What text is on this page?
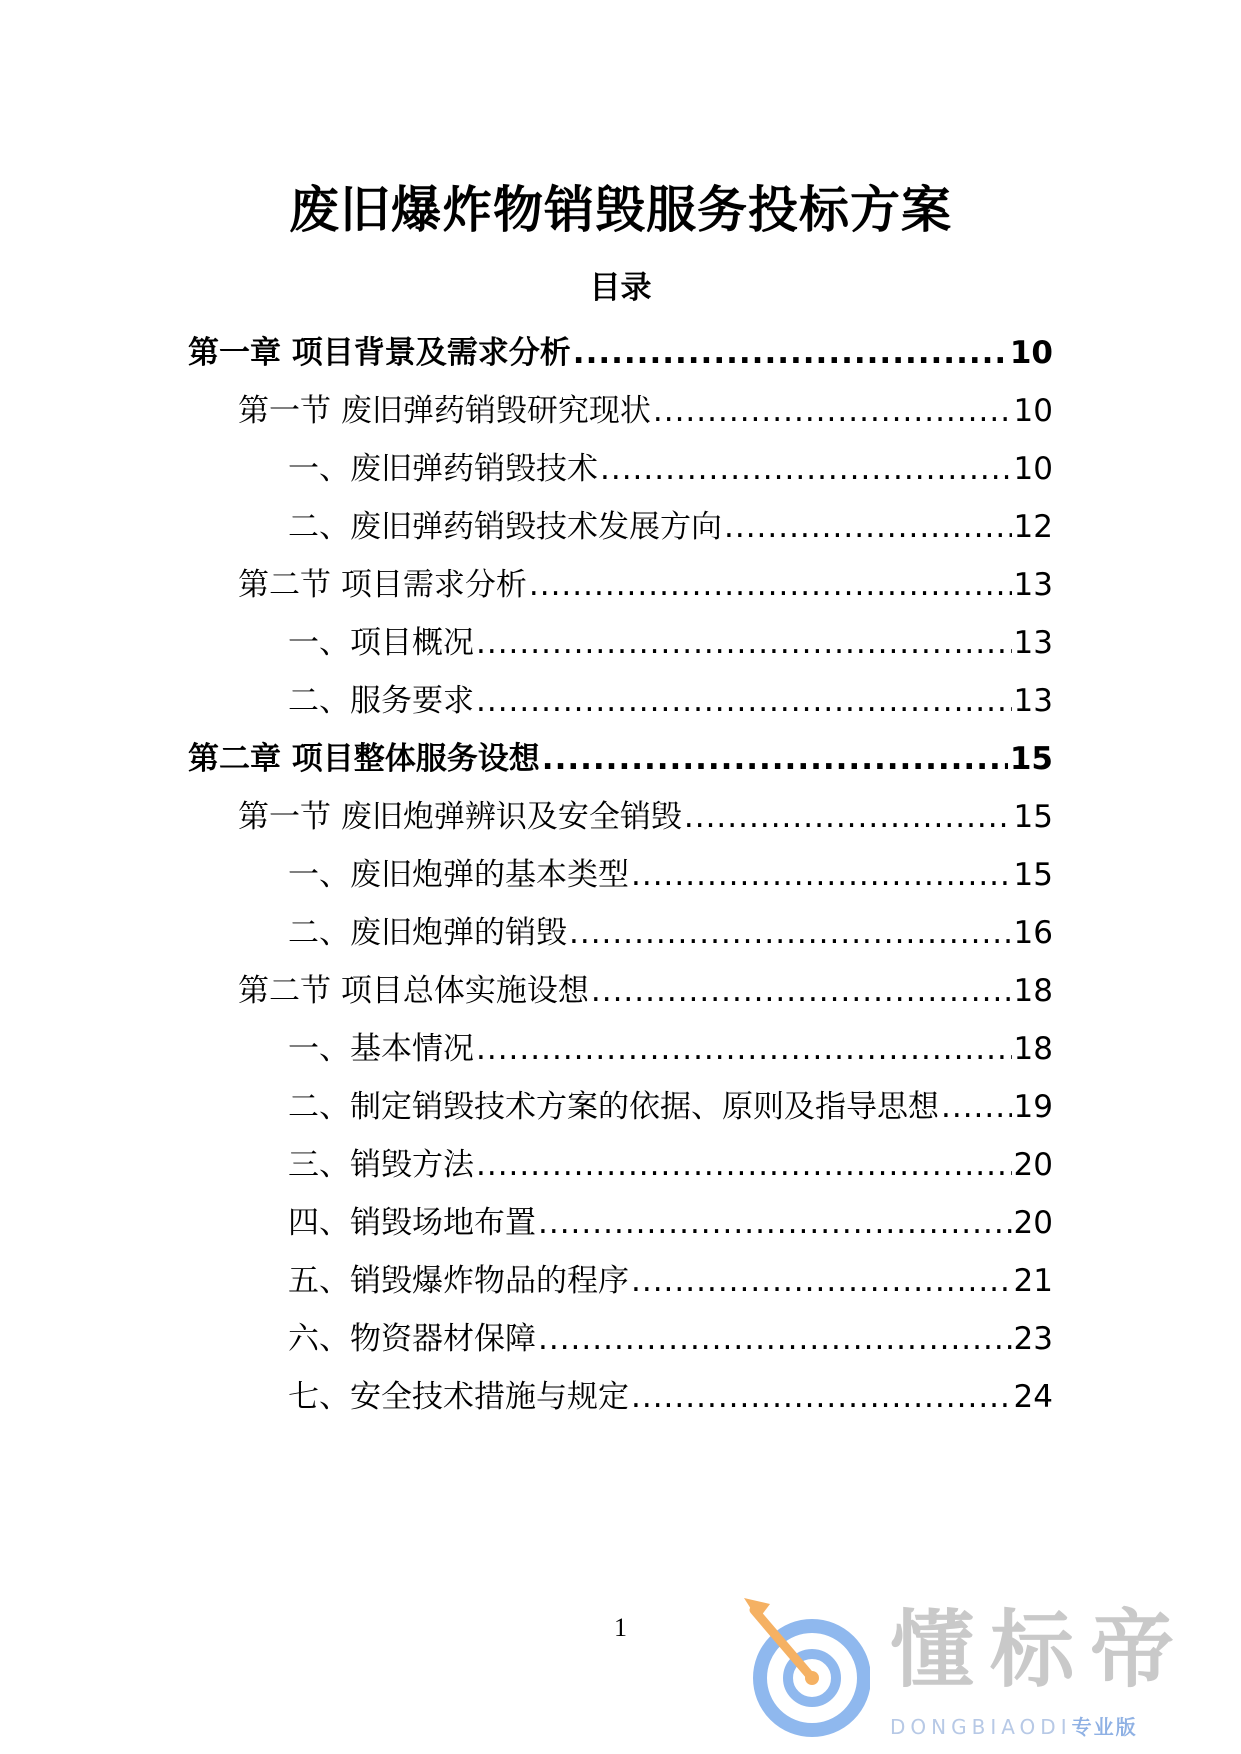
废旧爆炸物销毁服务投标方案
目录
第一章 项目背景及需求分析 .....	10
第一节 废旧弹药销毁研究现状 .....	10
一、废旧弹药销毁技术 .....	10
二、废旧弹药销毁技术发展方向 .....	12
第二节 项目需求分析 .....	13
一、项目概况 .....	13
二、服务要求 .....	13
第二章 项目整体服务设想 .....	15
第一节 废旧炮弹辨识及安全销毁 .....	15
一、废旧炮弹的基本类型 .....	15
二、废旧炮弹的销毁 .....	16
第二节 项目总体实施设想 .....	18
一、基本情况 .....	18
二、制定销毁技术方案的依据、原则及指导思想 ..... 19
三、销毁方法 .....	20
四、销毁场地布置 .....	20
五、销毁爆炸物品的程序 .....	21
六、物资器材保障 .....	23
七、安全技术措施与规定 .....	24
1	懂标帝
DONGBIAODI专业版
